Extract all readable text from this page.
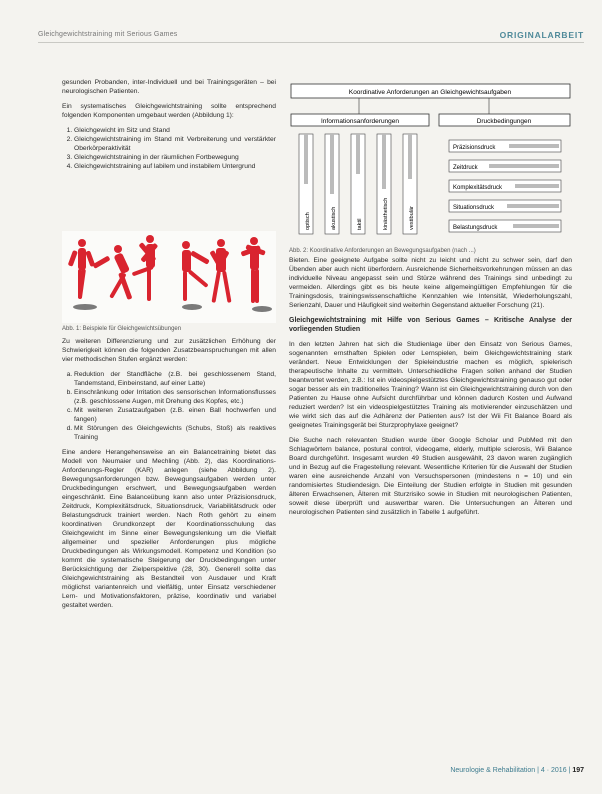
Gleichgewichtstraining mit Serious Games	ORIGINALARBEIT

gesunden Probanden, inter-Individuell und bei Trainingsgeräten – bei neurologischen Patienten.

Ein systematisches Gleichgewichtstraining sollte entsprechend folgenden Komponenten umgebaut werden (Abbildung 1):

1. Gleichgewicht im Sitz und Stand
2. Gleichgewichtstraining im Stand mit Verbreiterung und verstärkter Oberkörperaktivität
3. Gleichgewichtstraining in der räumlichen Fortbewegung
4. Gleichgewichtstraining auf labilem und instabilem Untergrund
Abb. 1: Beispiele für Gleichgewichtsübungen

Zu weiteren Differenzierung und zur zusätzlichen Erhöhung der Schwierigkeit können die folgenden Zusatzbeanspruchungen mit allen vier methodischen Stufen ergänzt werden:

a. Reduktion der Standfläche (z.B. bei geschlossenem Stand, Tandemstand, Einbeinstand, auf einer Latte)
b. Einschränkung oder Irritation des sensorischen Informationsflusses (z.B. geschlossene Augen, mit Drehung des Kopfes, etc.)
c. Mit weiteren Zusatzaufgaben (z.B. einen Ball hochwerfen und fangen)
d. Mit Störungen des Gleichgewichts (Schubs, Stoß) als reaktives Training

Eine andere Herangehensweise an ein Balancetraining bietet das Modell von Neumaier und Mechling (Abb. 2), das Koordinations-Anforderungs-Regler (KAR) anlegen (siehe Abbildung 2). Bewegungsanforderungen bzw. Bewegungsaufgaben werden unter Druckbedingungen erschwert, und Bewegungsaufgaben werden eingeschränkt. Eine Balanceübung kann also unter Präzisionsdruck, Zeitdruck, Komplexitätsdruck, Situationsdruck, Variabilitätsdruck oder Belastungsdruck trainiert werden. Nach Roth gehört zu einem koordinativen Grundkonzept der Koordinationsschulung das Gleichgewicht im Sinne einer Bewegungslenkung um die Vielfalt allgemeiner und spezieller Anforderungen plus mögliche Druckbedingungen als Wirkungsmodell. Kompetenz und Kondition (so kommt die systematische Steigerung der Druckbedingungen unter Berücksichtigung der Zielperspektive (28, 30). Generell sollte das Gleichgewichtstraining als Bestandteil von Ausdauer und Kraft möglichst variantenreich und vielfältig, unter Einsatz verschiedener Lern- und Motivationsfaktoren, präzise, koordinativ und variabel gestaltet werden.

Koordinative Anforderungen an Gleichgewichtsaufgaben
Informationsanforderungen	Druckbedingungen
optisch	akustisch	taktil	kinästhetisch	vestibulär
Präzisionsdruck
Zeitdruck
Komplexitätsdruck
Situationsdruck
Belastungsdruck
Abb. 2: Koordinative Anforderungen an Bewegungsaufgaben (nach ...)

Bieten. Eine geeignete Aufgabe sollte nicht zu leicht und nicht zu schwer sein, darf den Übenden aber auch nicht überfordern. Ausreichende Sicherheitsvorkehrungen müssen an das individuelle Niveau angepasst sein und Stürze während des Trainings sind unbedingt zu vermeiden. Allerdings gibt es bis heute keine allgemeingültigen Empfehlungen für die Trainingsdosis, trainingswissenschaftliche Kennzahlen wie Intensität, Wiederholungszahl, Serienzahl, Dauer und Häufigkeit sind weiterhin Gegenstand aktueller Forschung (21).

Gleichgewichtstraining mit Hilfe von Serious Games – Kritische Analyse der vorliegenden Studien

In den letzten Jahren hat sich die Studienlage über den Einsatz von Serious Games, sogenannten ernsthaften Spielen oder Lernspielen, beim Gleichgewichtstraining stark verändert. Neue Entwicklungen der Spieleindustrie machen es möglich, spielerisch therapeutische Inhalte zu vermitteln. Unterschiedliche Fragen sollen anhand der Studien beantwortet werden, z.B.: Ist ein videospielgestütztes Gleichgewichtstraining genauso gut oder sogar besser als ein traditionelles Training? Wann ist ein Gleichgewichtstraining durch von den Patienten zu Hause ohne Aufsicht durchführbar und können dadurch Kosten und Aufwand reduziert werden? Ist ein videospielgestütztes Training als motivierender einzuschätzen und wie wirkt sich das auf die Adhärenz der Patienten aus? Ist der Wii Fit Balance Board als geeignetes Trainingsgerät bei Sturzprophylaxe geeignet?

Die Suche nach relevanten Studien wurde über Google Scholar und PubMed mit den Schlagwörtern balance, postural control, videogame, elderly, multiple sclerosis, Wii Balance Board durchgeführt. Insgesamt wurden 49 Studien ausgewählt, 23 davon waren zugänglich und in Bezug auf die Fragestellung relevant. Wesentliche Kriterien für die Auswahl der Studien waren eine ausreichende Anzahl von Versuchspersonen (mindestens n = 10) und ein randomisiertes Studiendesign. Die Einteilung der Studien erfolgte in Studien mit gesunden älteren Erwachsenen, Älteren mit Sturzrisiko sowie in Studien mit neurologischen Patienten, soweit diese überprüft und auswertbar waren. Die Untersuchungen an Älteren und neurologischen Patienten sind zusätzlich in Tabelle 1 aufgeführt.

Neurologie & Rehabilitation | 4 · 2016 | 197
